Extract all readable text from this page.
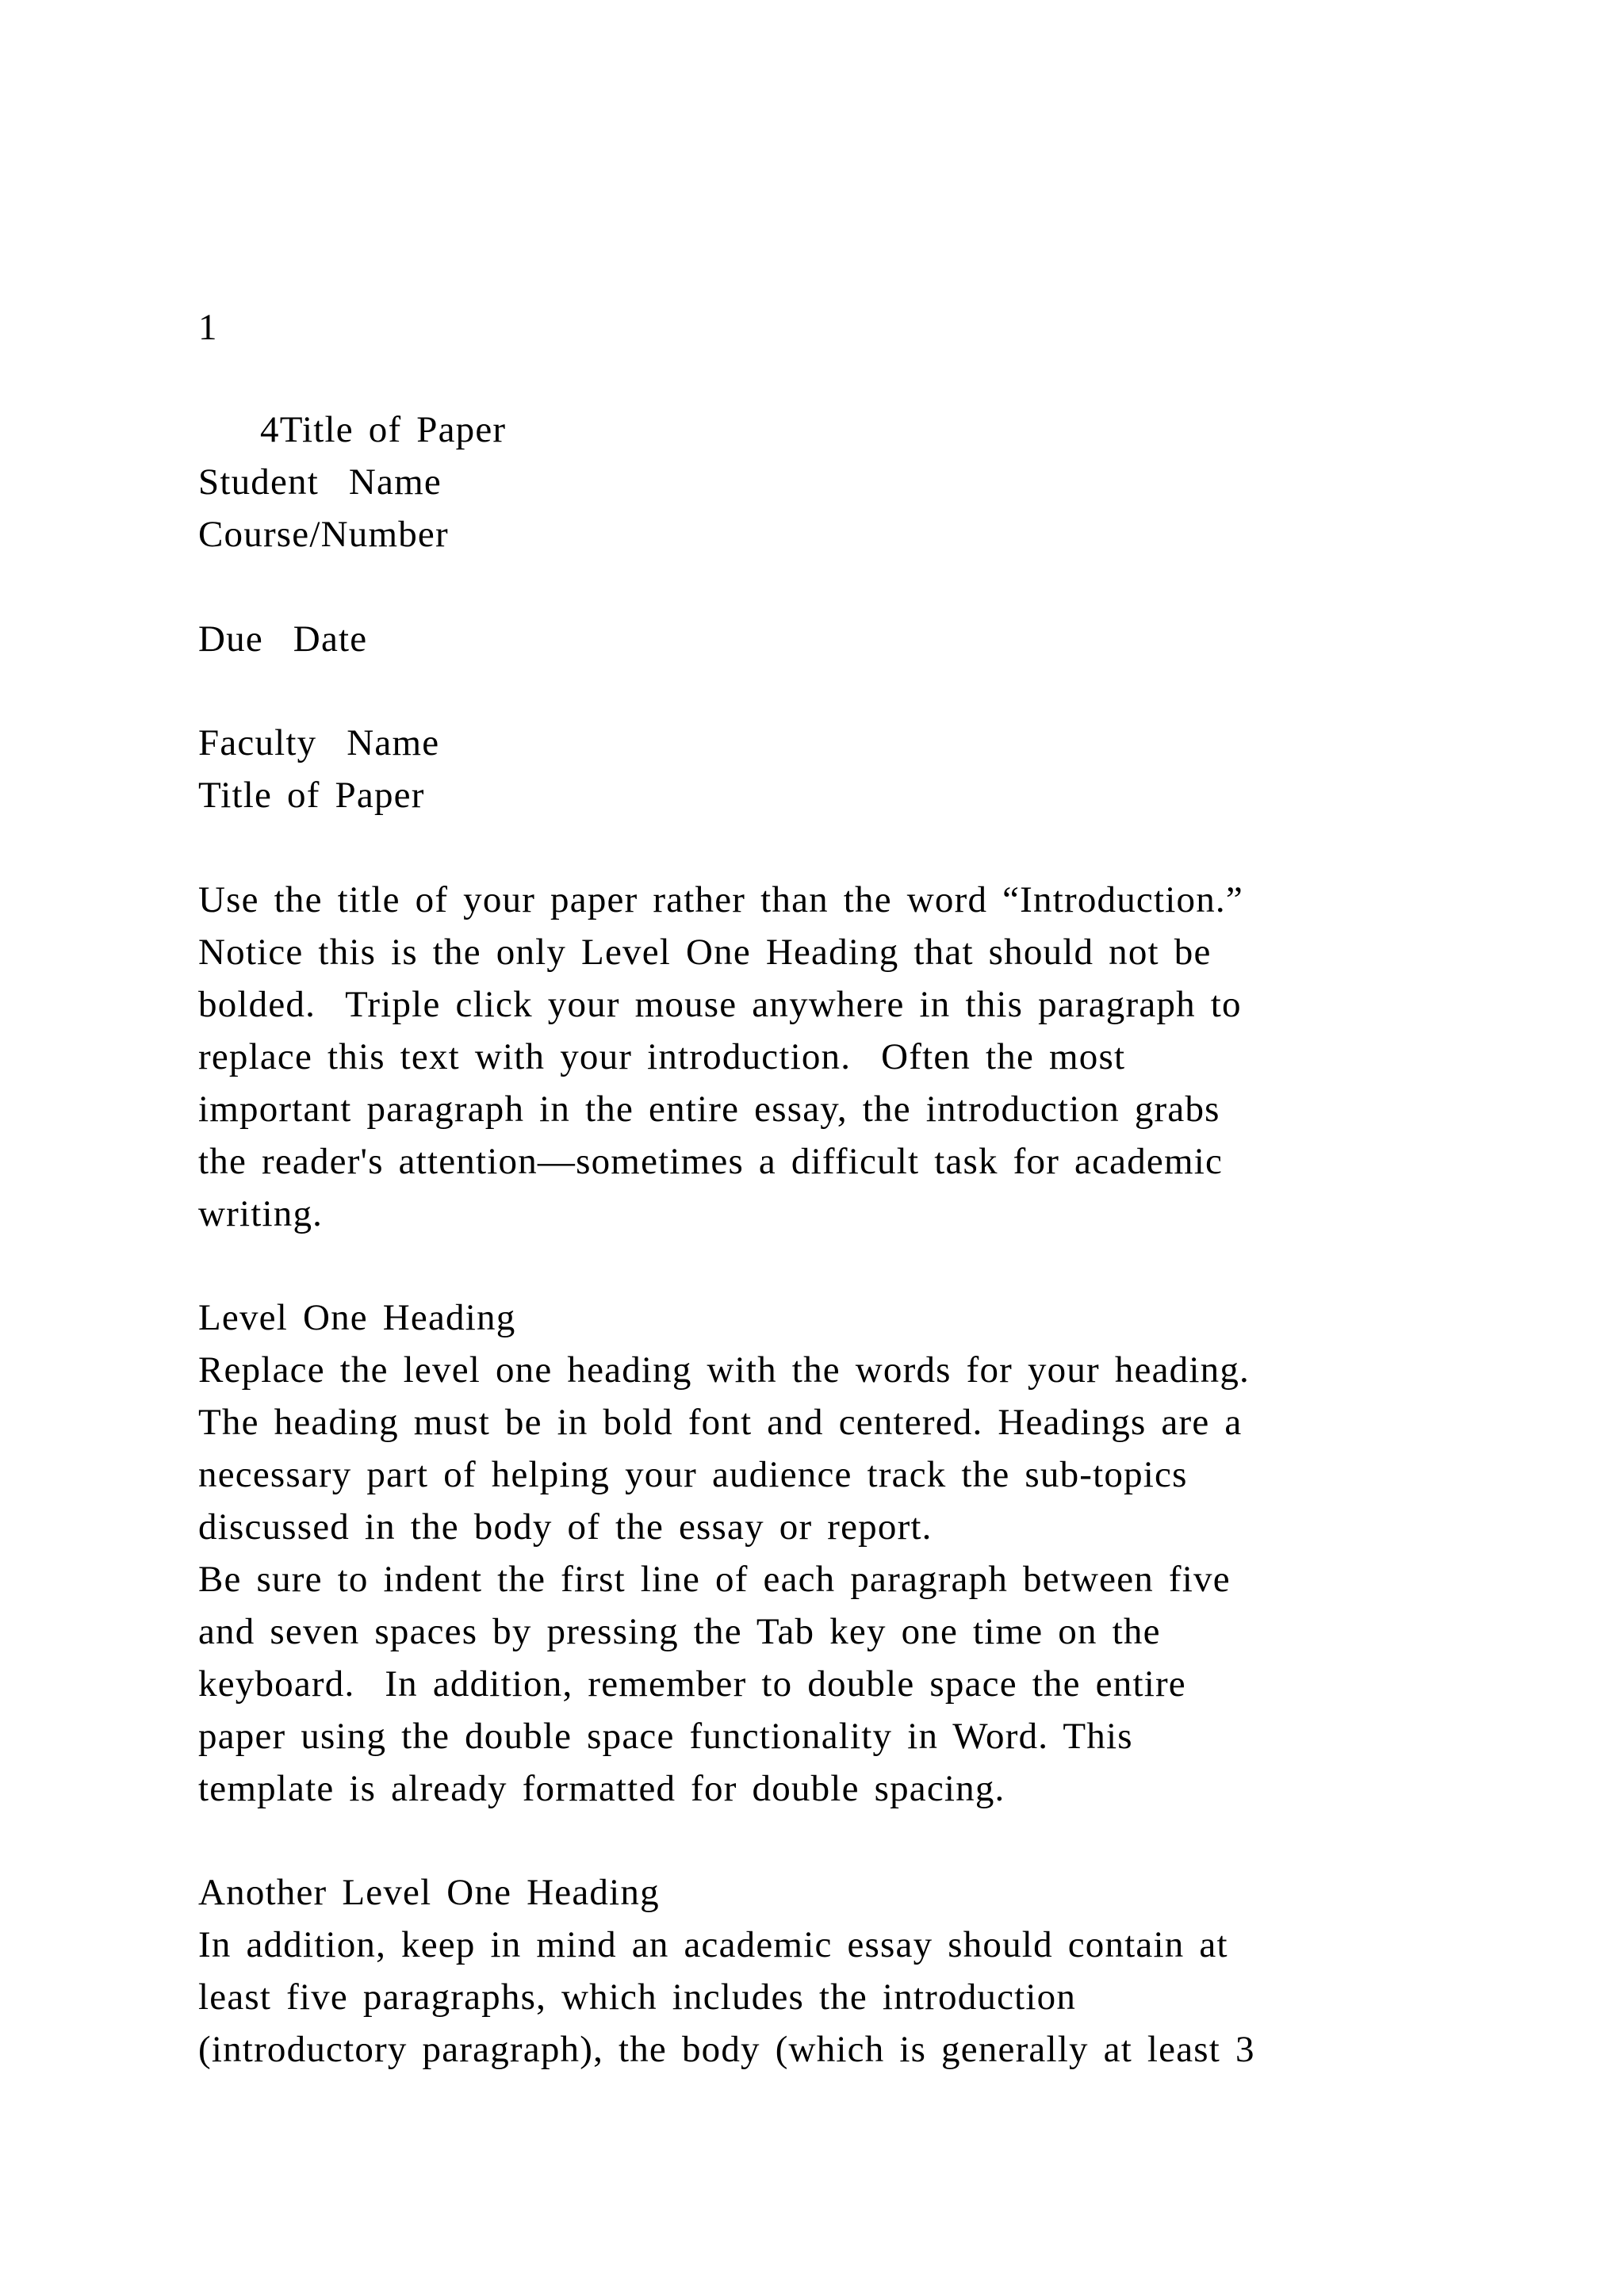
1
4Title of Paper
Student  Name
Course/Number
Due  Date
Faculty  Name
Title of Paper
Use the title of your paper rather than the word “Introduction.”
Notice this is the only Level One Heading that should not be
bolded.  Triple click your mouse anywhere in this paragraph to
replace this text with your introduction.  Often the most
important paragraph in the entire essay, the introduction grabs
the reader's attention—sometimes a difficult task for academic
writing.
Level One Heading
Replace the level one heading with the words for your heading.
The heading must be in bold font and centered. Headings are a
necessary part of helping your audience track the sub-topics
discussed in the body of the essay or report.
Be sure to indent the first line of each paragraph between five
and seven spaces by pressing the Tab key one time on the
keyboard.  In addition, remember to double space the entire
paper using the double space functionality in Word. This
template is already formatted for double spacing.
Another Level One Heading
In addition, keep in mind an academic essay should contain at
least five paragraphs, which includes the introduction
(introductory paragraph), the body (which is generally at least 3
